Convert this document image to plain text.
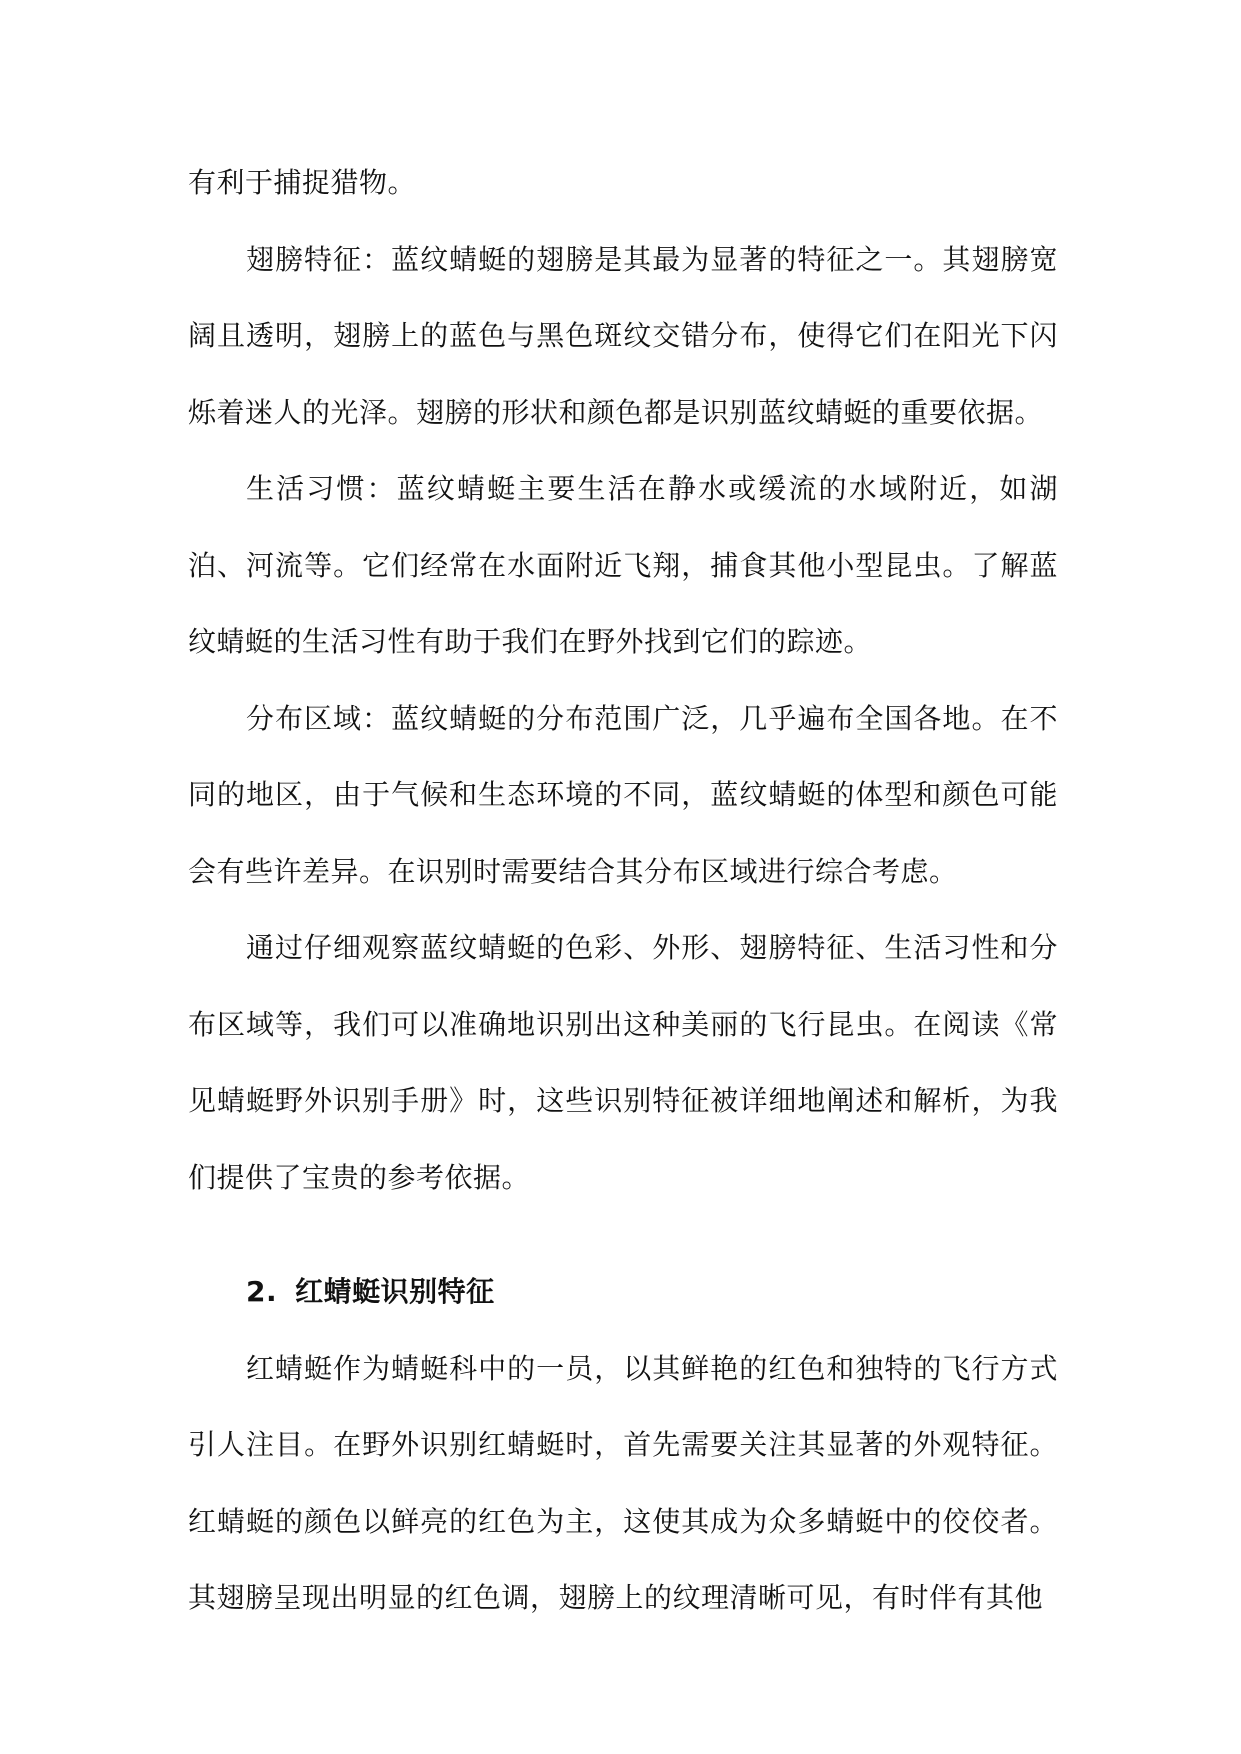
有利于捕捉猎物。

翅膀特征：蓝纹蜻蜓的翅膀是其最为显著的特征之一。其翅膀宽阔且透明，翅膀上的蓝色与黑色斑纹交错分布，使得它们在阳光下闪烁着迷人的光泽。翅膀的形状和颜色都是识别蓝纹蜻蜓的重要依据。

生活习惯：蓝纹蜻蜓主要生活在静水或缓流的水域附近，如湖泊、河流等。它们经常在水面附近飞翔，捕食其他小型昆虫。了解蓝纹蜻蜓的生活习性有助于我们在野外找到它们的踪迹。

分布区域：蓝纹蜻蜓的分布范围广泛，几乎遍布全国各地。在不同的地区，由于气候和生态环境的不同，蓝纹蜻蜓的体型和颜色可能会有些许差异。在识别时需要结合其分布区域进行综合考虑。

通过仔细观察蓝纹蜻蜓的色彩、外形、翅膀特征、生活习性和分布区域等，我们可以准确地识别出这种美丽的飞行昆虫。在阅读《常见蜻蜓野外识别手册》时，这些识别特征被详细地阐述和解析，为我们提供了宝贵的参考依据。

2. 红蜻蜓识别特征

红蜻蜓作为蜻蜓科中的一员，以其鲜艳的红色和独特的飞行方式引人注目。在野外识别红蜻蜓时，首先需要关注其显著的外观特征。红蜻蜓的颜色以鲜亮的红色为主，这使其成为众多蜻蜓中的佼佼者。其翅膀呈现出明显的红色调，翅膀上的纹理清晰可见，有时伴有其他
